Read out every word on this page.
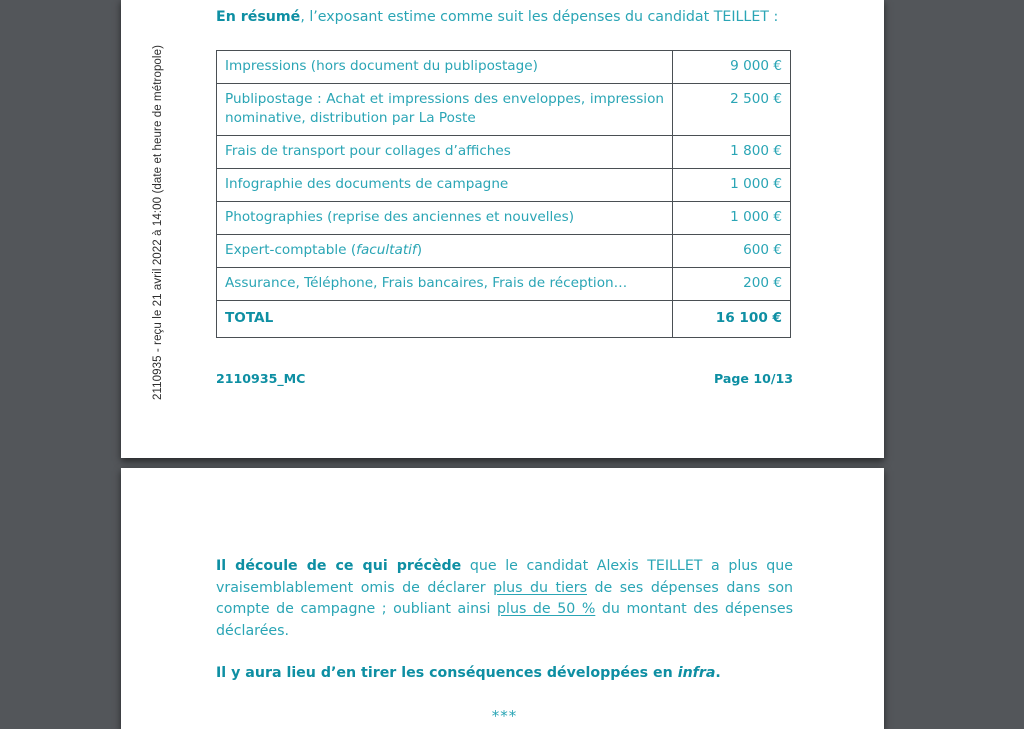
En résumé, l’exposant estime comme suit les dépenses du candidat TEILLET :

Impressions (hors document du publipostage)	9 000 €
Publipostage : Achat et impressions des enveloppes, impression nominative, distribution par La Poste	2 500 €
Frais de transport pour collages d’affiches	1 800 €
Infographie des documents de campagne	1 000 €
Photographies (reprise des anciennes et nouvelles)	1 000 €
Expert-comptable (facultatif)	600 €
Assurance, Téléphone, Frais bancaires, Frais de réception…	200 €
TOTAL	16 100 €
2110935_MC	Page 10/13

Il découle de ce qui précède que le candidat Alexis TEILLET a plus que vraisemblablement omis de déclarer plus du tiers de ses dépenses dans son compte de campagne ; oubliant ainsi plus de 50 % du montant des dépenses déclarées.

Il y aura lieu d’en tirer les conséquences développées en infra.

***

2110935 - reçu le 21 avril 2022 à 14:00 (date et heure de métropole)
